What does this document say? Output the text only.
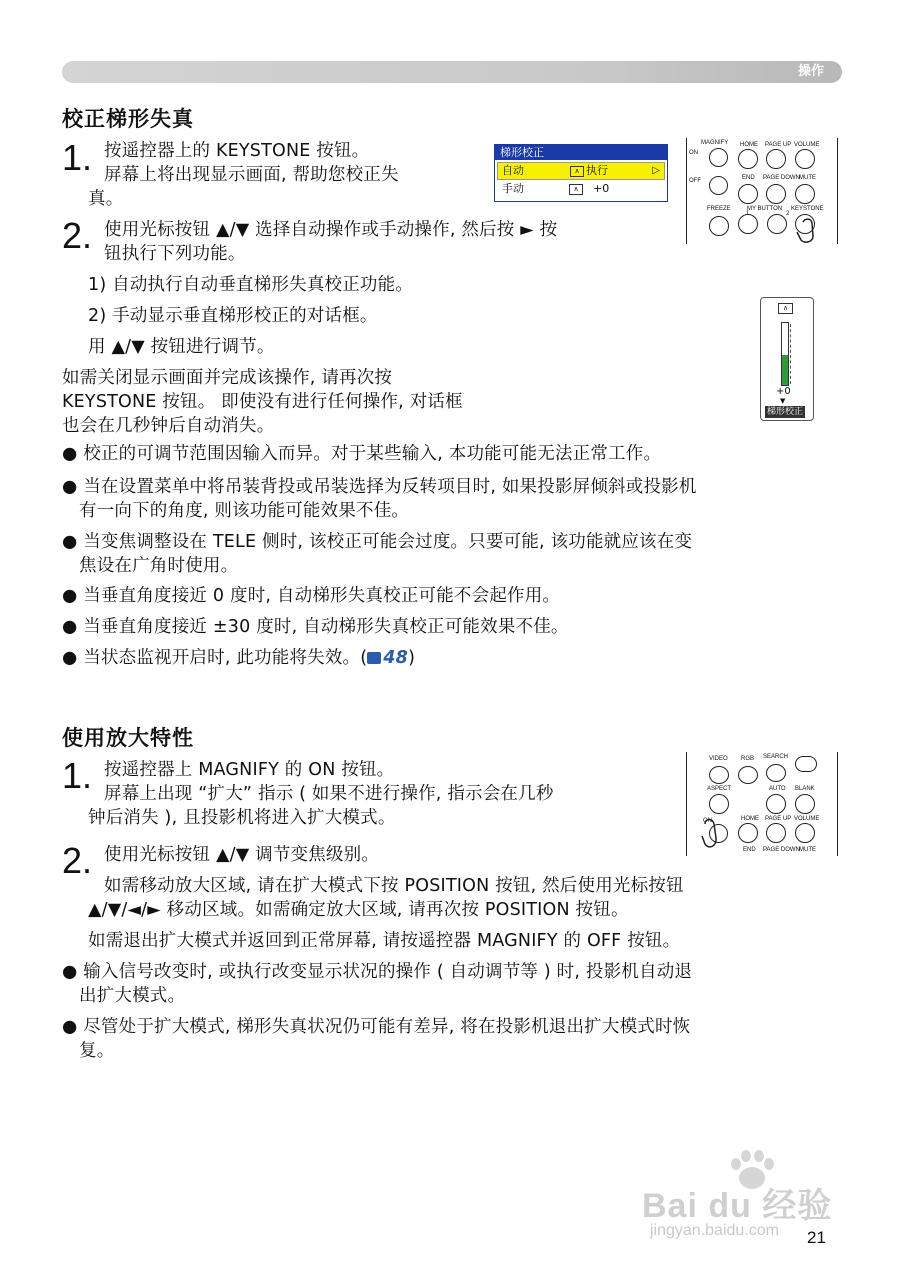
操作
校正梯形失真
1. 按遥控器上的 KEYSTONE 按钮。
屏幕上将出现显示画面, 帮助您校正失
真。
2. 使用光标按钮 ▲/▼ 选择自动操作或手动操作, 然后按 ► 按
钮执行下列功能。
1) 自动执行自动垂直梯形失真校正功能。
2) 手动显示垂直梯形校正的对话框。
用 ▲/▼ 按钮进行调节。
如需关闭显示画面并完成该操作, 请再次按
KEYSTONE 按钮。 即使没有进行任何操作, 对话框
也会在几秒钟后自动消失。
● 校正的可调节范围因输入而异。对于某些输入, 本功能可能无法正常工作。
● 当在设置菜单中将吊装背投或吊装选择为反转项目时, 如果投影屏倾斜或投影机
有一向下的角度, 则该功能可能效果不佳。
● 当变焦调整设在 TELE 侧时, 该校正可能会过度。只要可能, 该功能就应该在变
焦设在广角时使用。
● 当垂直角度接近 0 度时, 自动梯形失真校正可能不会起作用。
● 当垂直角度接近 ±30 度时, 自动梯形失真校正可能效果不佳。
● 当状态监视开启时, 此功能将失效。( 48)
梯形校正
自动	∧ 执行	▷
手动	∧	+0
MAGNIFY
ON
HOME PAGE UP VOLUME
OFF	END PAGE DOWN MUTE
FREEZE	MY BUTTON KEYSTONE
1	2
∧
+0
▼
梯形校正
使用放大特性
1. 按遥控器上 MAGNIFY 的 ON 按钮。
屏幕上出现 “扩大” 指示 ( 如果不进行操作, 指示会在几秒
钟后消失 ), 且投影机将进入扩大模式。
2. 使用光标按钮 ▲/▼ 调节变焦级别。
如需移动放大区域, 请在扩大模式下按 POSITION 按钮, 然后使用光标按钮
▲/▼/◄/► 移动区域。如需确定放大区域, 请再次按 POSITION 按钮。
如需退出扩大模式并返回到正常屏幕, 请按遥控器 MAGNIFY 的 OFF 按钮。
● 输入信号改变时, 或执行改变显示状况的操作 ( 自动调节等 ) 时, 投影机自动退
出扩大模式。
● 尽管处于扩大模式, 梯形失真状况仍可能有差异, 将在投影机退出扩大模式时恢
复。
VIDEO RGB SEARCH
ASPECT	AUTO BLANK
ON	HOME PAGE UP VOLUME
END PAGE DOWN MUTE
Bai du 经验
jingyan.baidu.com 21
